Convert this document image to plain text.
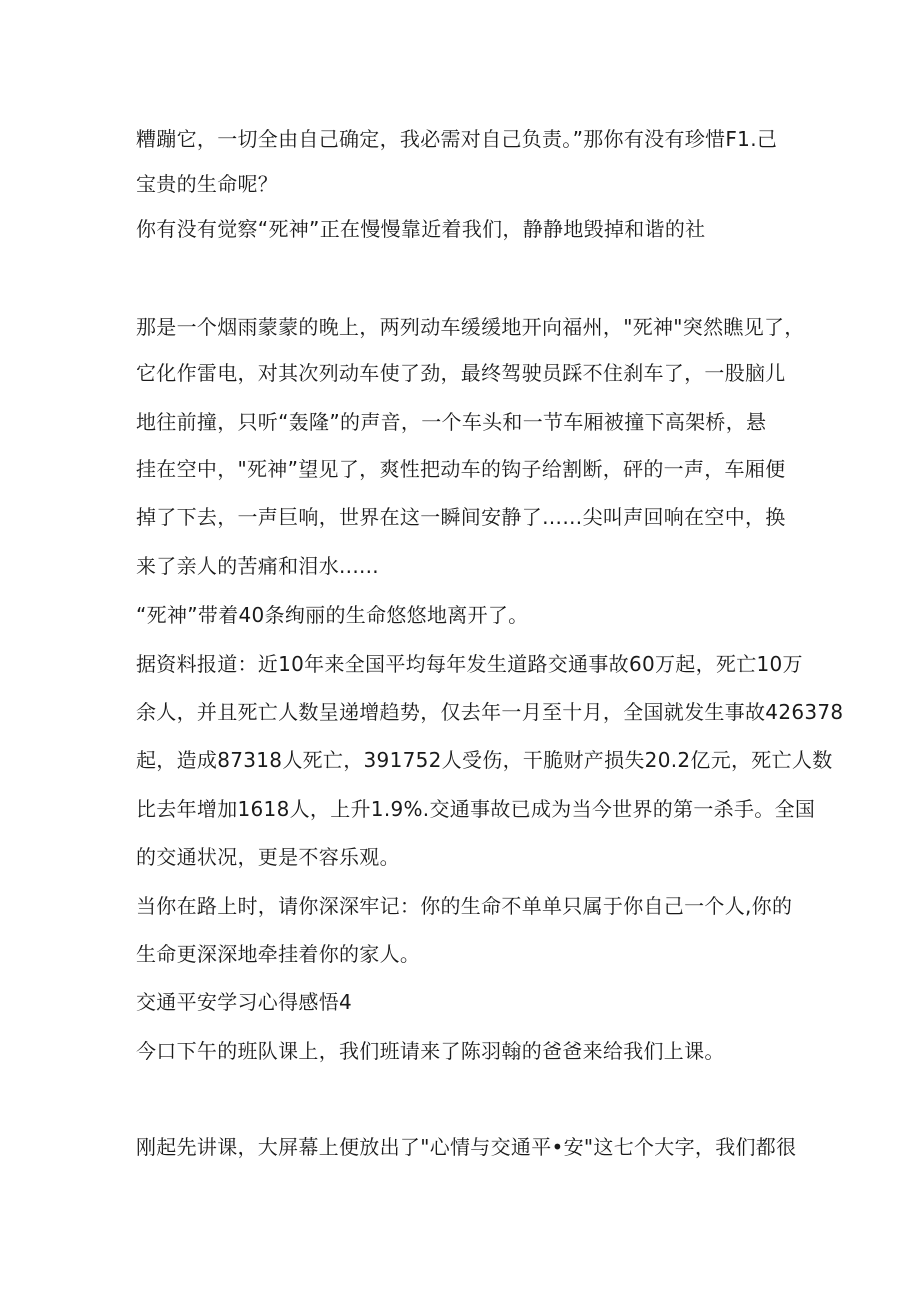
糟蹦它，一切全由自己确定，我必需对自己负责。”那你有没有珍惜F1.己
宝贵的生命呢？
你有没有觉察“死神”正在慢慢靠近着我们，静静地毁掉和谐的社
那是一个烟雨蒙蒙的晚上，两列动车缓缓地开向福州，"死神"突然瞧见了，
它化作雷电，对其次列动车使了劲，最终驾驶员踩不住刹车了，一股脑儿
地往前撞，只听“轰隆”的声音，一个车头和一节车厢被撞下高架桥，悬
挂在空中，"死神”望见了，爽性把动车的钩子给割断，砰的一声，车厢便
掉了下去，一声巨响，世界在这一瞬间安静了……尖叫声回响在空中，换
来了亲人的苦痛和泪水......
“死神”带着40条绚丽的生命悠悠地离开了。
据资料报道：近10年来全国平均每年发生道路交通事故60万起，死亡10万
余人，并且死亡人数呈递增趋势，仅去年一月至十月，全国就发生事故426378
起，造成87318人死亡，391752人受伤，干脆财产损失20.2亿元，死亡人数
比去年增加1618人，上升1.9%.交通事故已成为当今世界的第一杀手。全国
的交通状况，更是不容乐观。
当你在路上时，请你深深牢记：你的生命不单单只属于你自己一个人,你的
生命更深深地牵挂着你的家人。
交通平安学习心得感悟4
今口下午的班队课上，我们班请来了陈羽翰的爸爸来给我们上课。
刚起先讲课，大屏幕上便放出了"心情与交通平•安"这七个大字，我们都很
